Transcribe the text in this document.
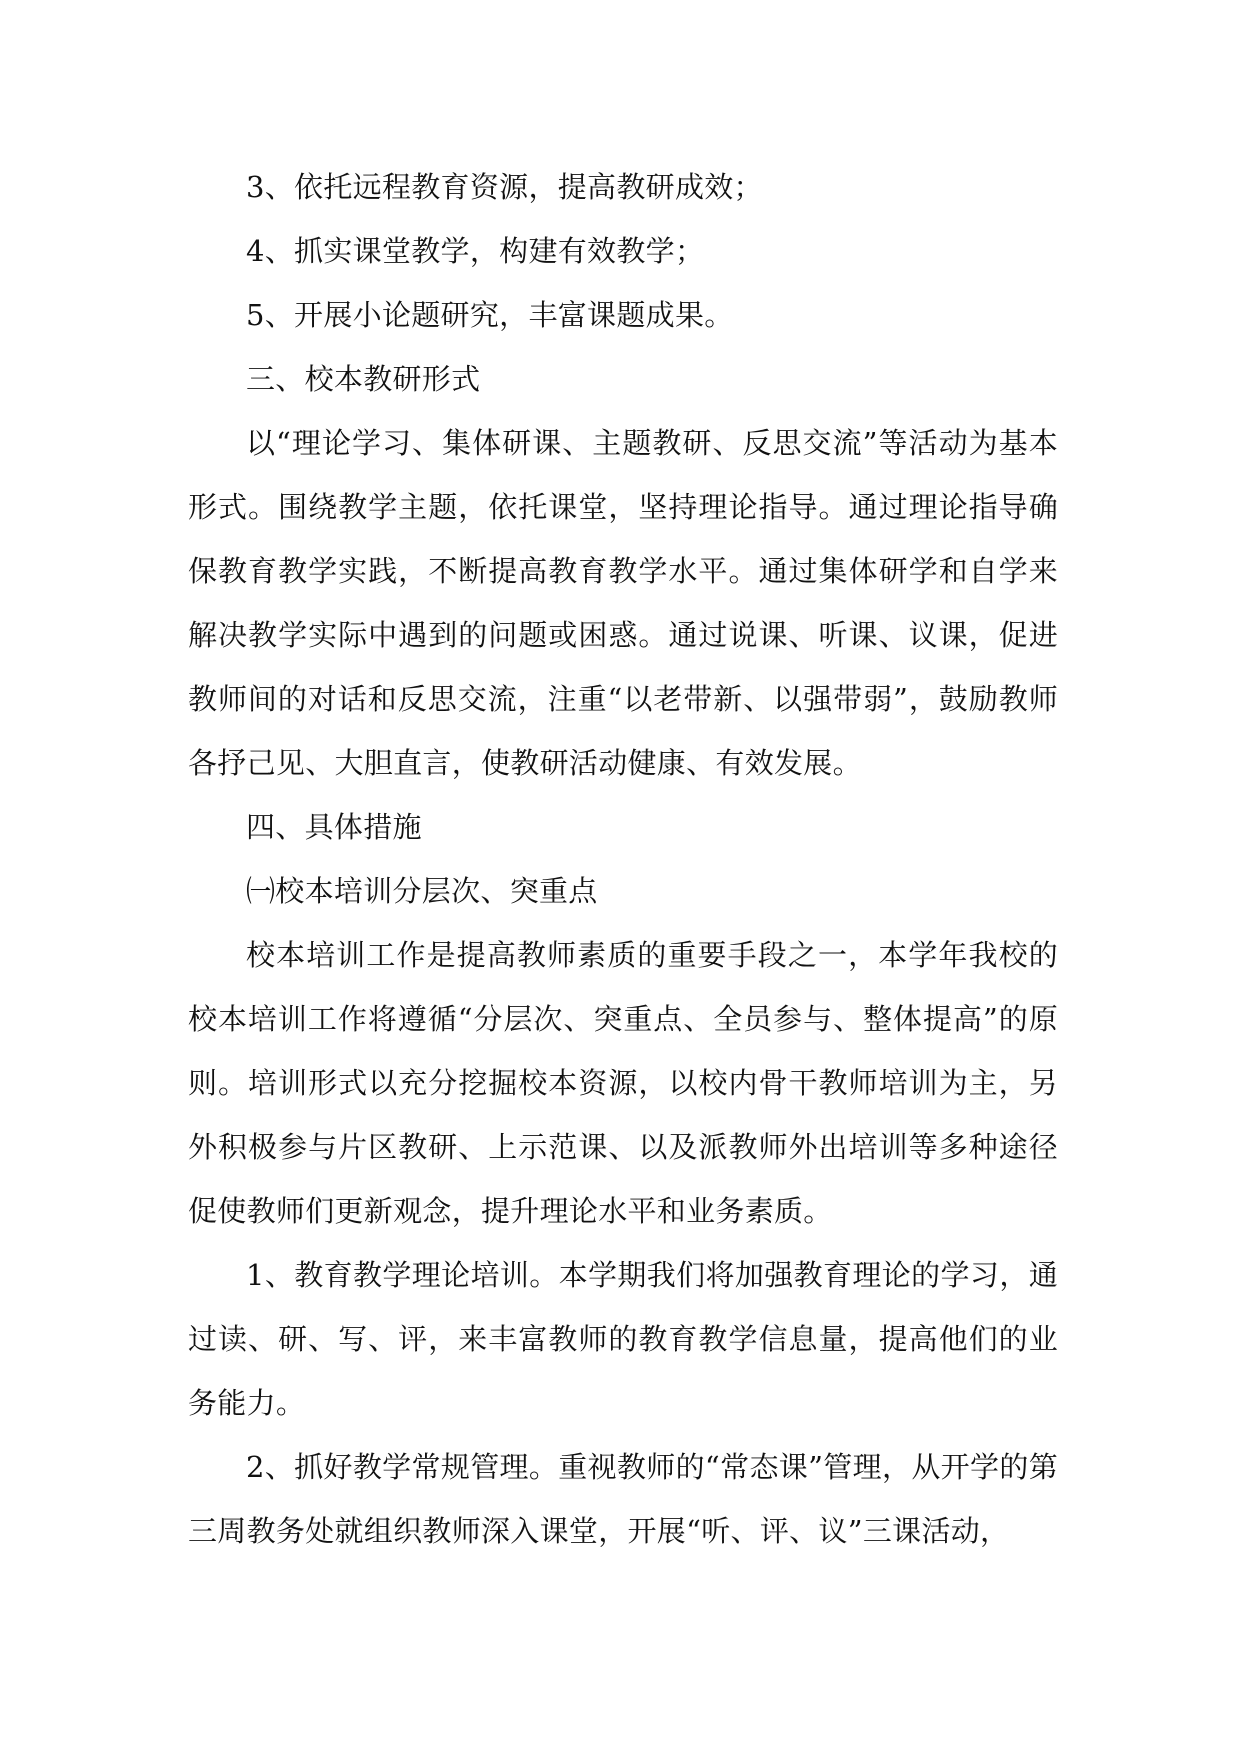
3、依托远程教育资源，提高教研成效；

4、抓实课堂教学，构建有效教学；

5、开展小论题研究，丰富课题成果。

三、校本教研形式

以“理论学习、集体研课、主题教研、反思交流”等活动为基本形式。围绕教学主题，依托课堂，坚持理论指导。通过理论指导确保教育教学实践，不断提高教育教学水平。通过集体研学和自学来解决教学实际中遇到的问题或困惑。通过说课、听课、议课，促进教师间的对话和反思交流，注重“以老带新、以强带弱”，鼓励教师各抒己见、大胆直言，使教研活动健康、有效发展。

四、具体措施

㈠校本培训分层次、突重点

校本培训工作是提高教师素质的重要手段之一，本学年我校的校本培训工作将遵循“分层次、突重点、全员参与、整体提高”的原则。培训形式以充分挖掘校本资源，以校内骨干教师培训为主，另外积极参与片区教研、上示范课、以及派教师外出培训等多种途径促使教师们更新观念，提升理论水平和业务素质。

1、教育教学理论培训。本学期我们将加强教育理论的学习，通过读、研、写、评，来丰富教师的教育教学信息量，提高他们的业务能力。

2、抓好教学常规管理。重视教师的“常态课”管理，从开学的第三周教务处就组织教师深入课堂，开展“听、评、议”三课活动，
